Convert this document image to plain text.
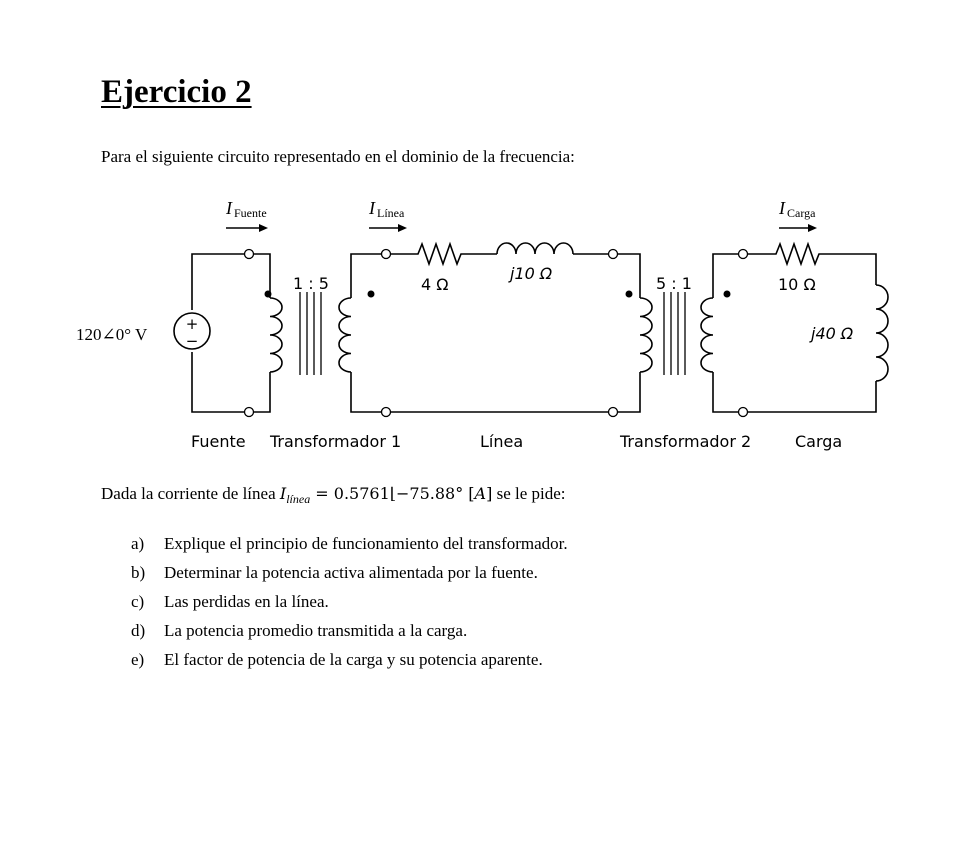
Ejercicio 2
Para el siguiente circuito representado en el dominio de la frecuencia:
+
−
120∠0° V
I Fuente	I Línea	I Carga
1 : 5	5 : 1
4 Ω
j10 Ω
10 Ω
j40 Ω
Fuente Transformador 1	Línea	Transformador 2	Carga
Dada la corriente de línea $I_{línea}$ = 0.5761⌊−75.88° [A] se le pide:
a)	Explique el principio de funcionamiento del transformador.
b)	Determinar la potencia activa alimentada por la fuente.
c)	Las perdidas en la línea.
d)	La potencia promedio transmitida a la carga.
e)	El factor de potencia de la carga y su potencia aparente.
